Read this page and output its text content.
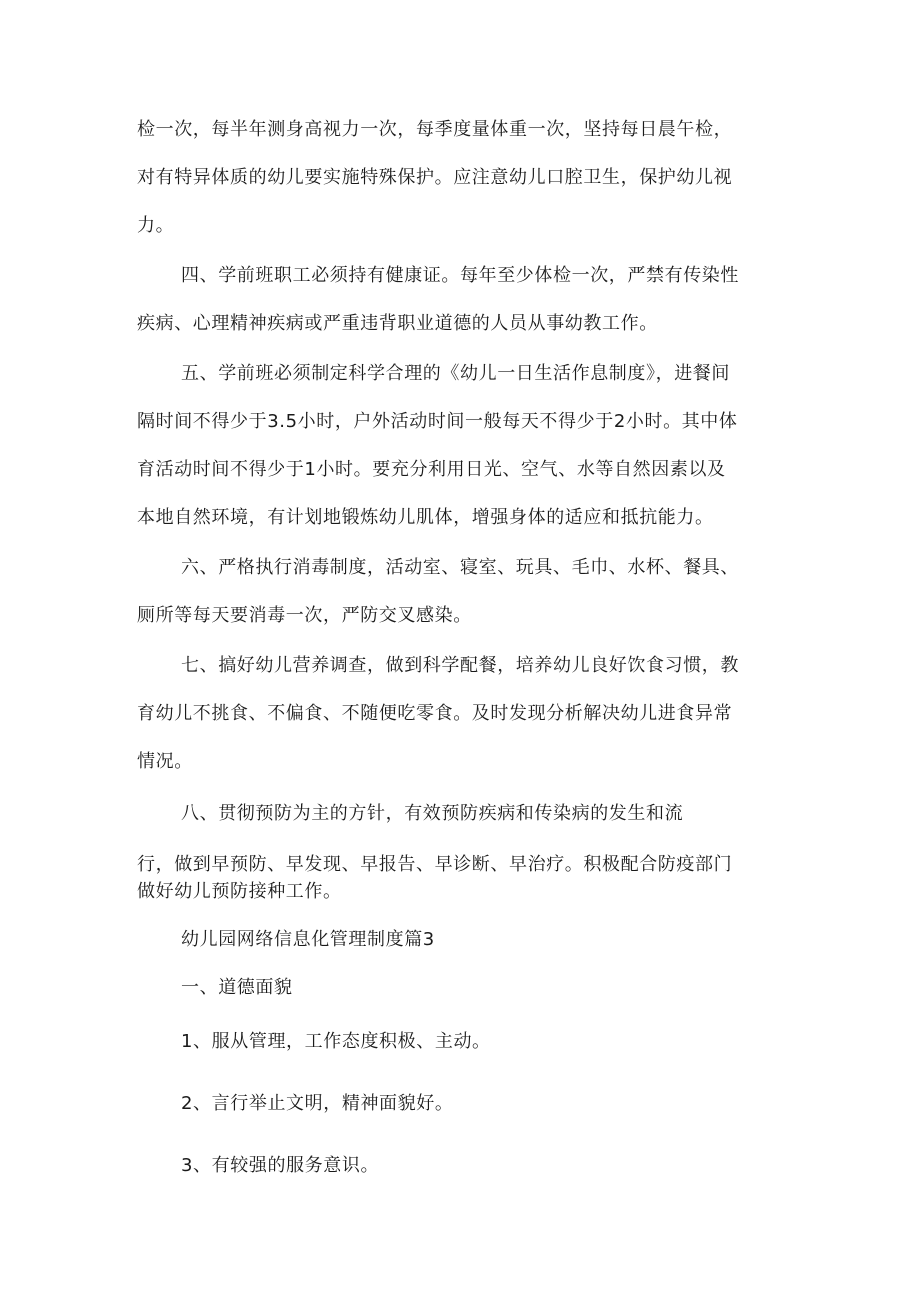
检一次，每半年测身高视力一次，每季度量体重一次，坚持每日晨午检，
对有特异体质的幼儿要实施特殊保护。应注意幼儿口腔卫生，保护幼儿视
力。
四、学前班职工必须持有健康证。每年至少体检一次，严禁有传染性
疾病、心理精神疾病或严重违背职业道德的人员从事幼教工作。
五、学前班必须制定科学合理的《幼儿一日生活作息制度》，进餐间
隔时间不得少于3.5小时，户外活动时间一般每天不得少于2小时。其中体
育活动时间不得少于1小时。要充分利用日光、空气、水等自然因素以及
本地自然环境，有计划地锻炼幼儿肌体，增强身体的适应和抵抗能力。
六、严格执行消毒制度，活动室、寝室、玩具、毛巾、水杯、餐具、
厕所等每天要消毒一次，严防交叉感染。
七、搞好幼儿营养调查，做到科学配餐，培养幼儿良好饮食习惯，教
育幼儿不挑食、不偏食、不随便吃零食。及时发现分析解决幼儿进食异常
情况。
八、贯彻预防为主的方针，有效预防疾病和传染病的发生和流
行，做到早预防、早发现、早报告、早诊断、早治疗。积极配合防疫部门
做好幼儿预防接种工作。
幼儿园网络信息化管理制度篇3
一、道德面貌
1、服从管理，工作态度积极、主动。
2、言行举止文明，精神面貌好。
3、有较强的服务意识。
